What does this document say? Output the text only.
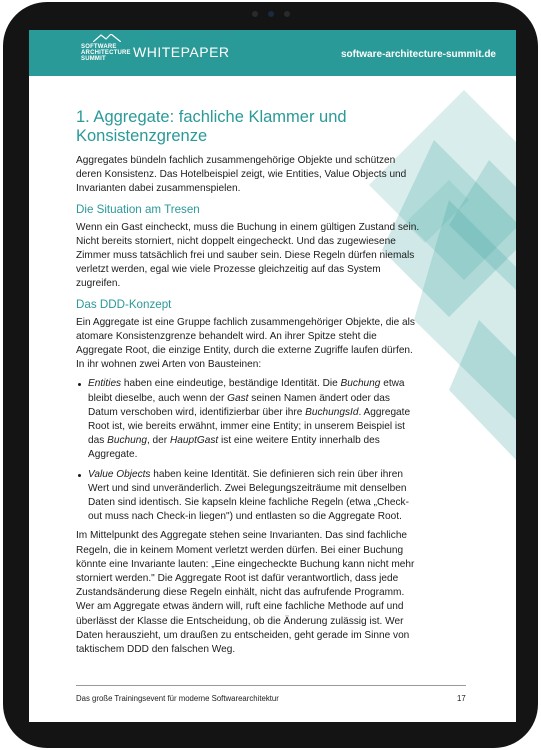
SOFTWARE
ARCHITECTURE
SUMMIT	WHITEPAPER	software-architecture-summit.de
1. Aggregate: fachliche Klammer und Konsistenzgrenze

Aggregates bündeln fachlich zusammengehörige Objekte und schützen deren Konsistenz. Das Hotelbeispiel zeigt, wie Entities, Value Objects und Invarianten dabei zusammenspielen.

Die Situation am Tresen

Wenn ein Gast eincheckt, muss die Buchung in einem gültigen Zustand sein. Nicht bereits storniert, nicht doppelt eingecheckt. Und das zugewiesene Zimmer muss tatsächlich frei und sauber sein. Diese Regeln dürfen niemals verletzt werden, egal wie viele Prozesse gleichzeitig auf das System zugreifen.

Das DDD-Konzept

Ein Aggregate ist eine Gruppe fachlich zusammengehöriger Objekte, die als atomare Konsistenzgrenze behandelt wird. An ihrer Spitze steht die Aggregate Root, die einzige Entity, durch die externe Zugriffe laufen dürfen. In ihr wohnen zwei Arten von Bausteinen:

Entities haben eine eindeutige, beständige Identität. Die Buchung etwa bleibt dieselbe, auch wenn der Gast seinen Namen ändert oder das Datum verschoben wird, identifizierbar über ihre BuchungsId. Aggregate Root ist, wie bereits erwähnt, immer eine Entity; in unserem Beispiel ist das Buchung, der HauptGast ist eine weitere Entity innerhalb des Aggregate.
Value Objects haben keine Identität. Sie definieren sich rein über ihren Wert und sind unveränderlich. Zwei Belegungszeiträume mit denselben Daten sind identisch. Sie kapseln kleine fachliche Regeln (etwa „Check-out muss nach Check-in liegen") und entlasten so die Aggregate Root.

Im Mittelpunkt des Aggregate stehen seine Invarianten. Das sind fachliche Regeln, die in keinem Moment verletzt werden dürfen. Bei einer Buchung könnte eine Invariante lauten: „Eine eingecheckte Buchung kann nicht mehr storniert werden." Die Aggregate Root ist dafür verantwortlich, dass jede Zustandsänderung diese Regeln einhält, nicht das aufrufende Programm. Wer am Aggregate etwas ändern will, ruft eine fachliche Methode auf und überlässt der Klasse die Entscheidung, ob die Änderung zulässig ist. Wer Daten herauszieht, um draußen zu entscheiden, geht gerade im Sinne von taktischem DDD den falschen Weg.

Das große Trainingsevent für moderne Softwarearchitektur	17
